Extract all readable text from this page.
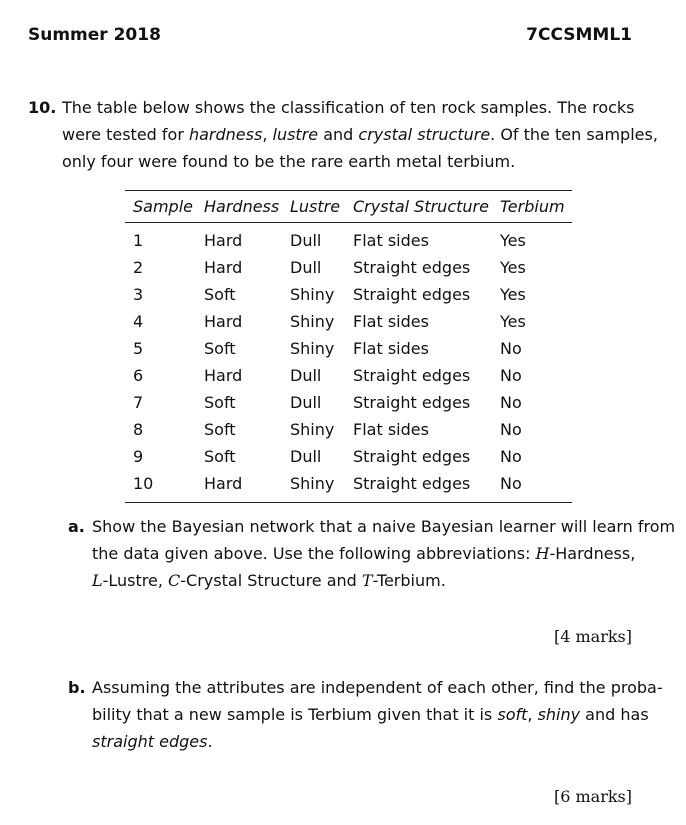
Summer 2018	7CCSMML1
10. The table below shows the classification of ten rock samples. The rocks
were tested for hardness, lustre and crystal structure. Of the ten samples,
only four were found to be the rare earth metal terbium.
Sample Hardness Lustre Crystal Structure Terbium
1	Hard	Dull Flat sides	Yes
2	Hard	Dull Straight edges Yes
3	Soft	Shiny Straight edges Yes
4	Hard	Shiny Flat sides	Yes
5	Soft	Shiny Flat sides	No
6	Hard	Dull Straight edges No
7	Soft	Dull Straight edges No
8	Soft	Shiny Flat sides	No
9	Soft	Dull Straight edges No
10	Hard	Shiny Straight edges No
a. Show the Bayesian network that a naive Bayesian learner will learn from
the data given above. Use the following abbreviations: H-Hardness,
L-Lustre, C-Crystal Structure and T-Terbium.
[4 marks]
b. Assuming the attributes are independent of each other, find the proba-
bility that a new sample is Terbium given that it is soft, shiny and has
straight edges.
[6 marks]
